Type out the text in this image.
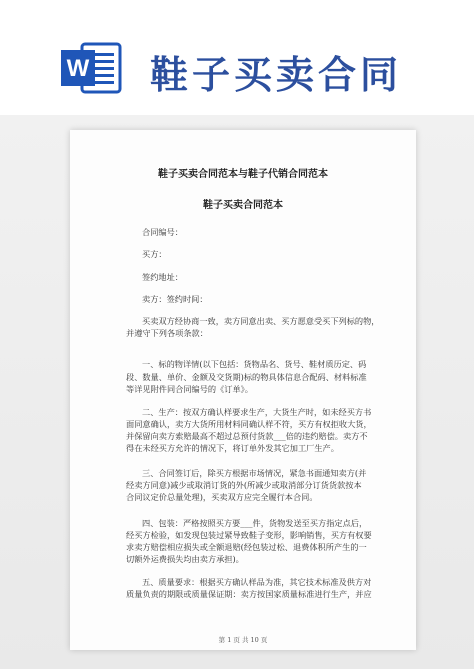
W 鞋子买卖合同
鞋子买卖合同范本与鞋子代销合同范本
鞋子买卖合同范本
合同编号：
买方：
签约地址：
卖方：签约时间：
买卖双方经协商一致，卖方同意出卖、买方愿意受买下列标的物，
并遵守下列各项条款：
一、标的物详情(以下包括：货物品名、货号、鞋材质历定、码
段、数量、单价、金额及交货期)标的物具体信息合配码、材料标准
等详见附件同合同编号的《订单》。
二、生产：按双方确认样要求生产，大货生产时，如未经买方书
面同意确认，卖方大货所用材料同确认样不符，买方有权拒收大货，
并保留向卖方索赔最高不超过总预付货款___倍的违约赔偿。卖方不
得在未经买方允许的情况下，将订单外发其它加工厂生产。
三、合同签订后，除买方根据市场情况，紧急书面通知卖方(并
经卖方同意)减少或取消订货的外(所减少或取消部分订货货款按本
合同议定价总量处理)，买卖双方应完全履行本合同。
四、包装：严格按照买方要___件，货物发送至买方指定点后，
经买方检验，如发现包装过紧导致鞋子变形，影响销售，买方有权要
求卖方赔偿相应损失或全额退赔(经包装过松、退费体积所产生的一
切额外运费损失均由卖方承担)。
五、质量要求：根据买方确认样品为准，其它技术标准及供方对
质量负责的期限或质量保证期：卖方按国家质量标准进行生产，并应
第 1 页 共 10 页
